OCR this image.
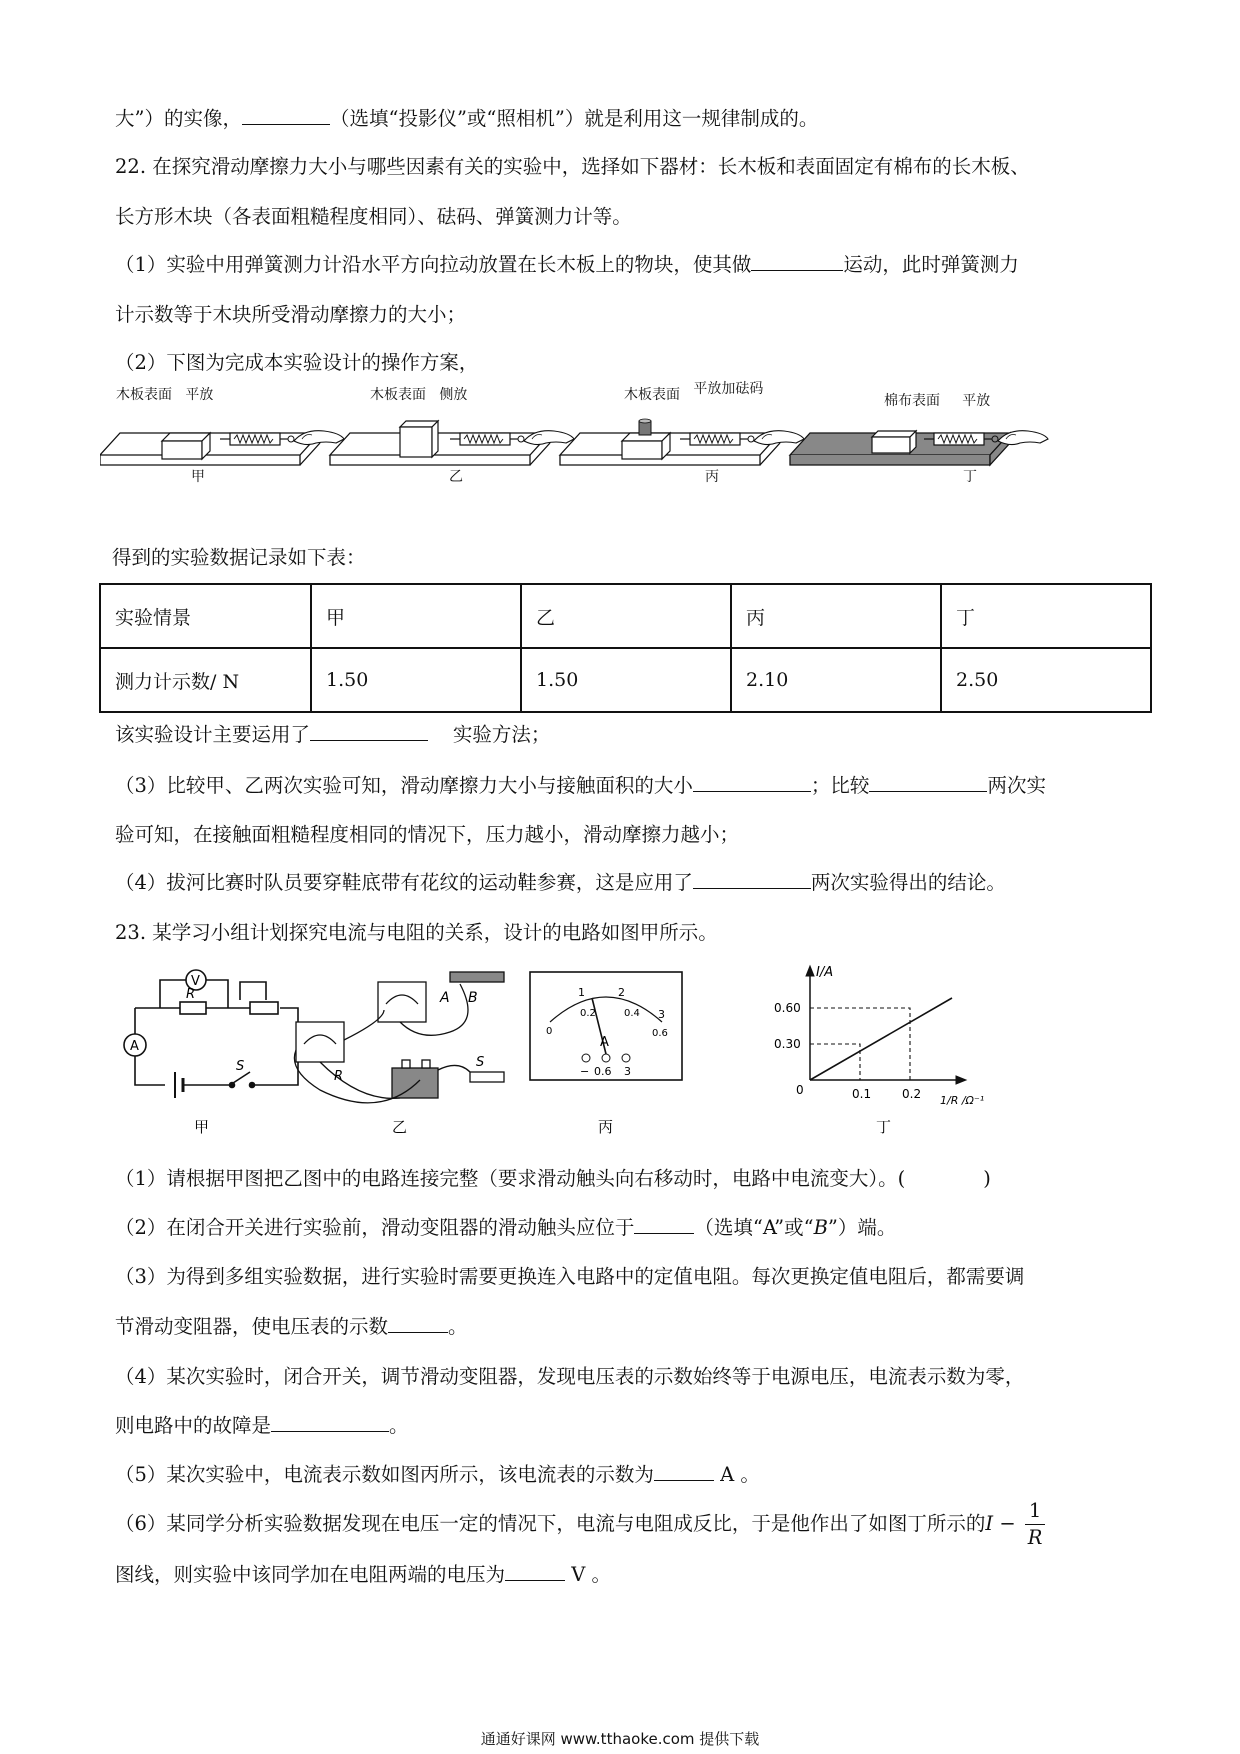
大”）的实像，	（选填“投影仪”或“照相机”）就是利用这一规律制成的。
22. 在探究滑动摩擦力大小与哪些因素有关的实验中，选择如下器材：长木板和表面固定有棉布的长木板、
长方形木块（各表面粗糙程度相同）、砝码、弹簧测力计等。
（1）实验中用弹簧测力计沿水平方向拉动放置在长木板上的物块，使其做	运动，此时弹簧测力
计示数等于木块所受滑动摩擦力的大小；
（2）下图为完成本实验设计的操作方案，
木板表面 平放	木板表面 侧放	木板表面 平放加砝码
棉布表面 平放
甲	乙	丙	丁
得到的实验数据记录如下表：
实验情景	甲	乙	丙	丁
测力计示数/ N	1.50	1.50	2.10	2.50
该实验设计主要运用了	实验方法；
（3）比较甲、乙两次实验可知，滑动摩擦力大小与接触面积的大小	；比较	两次实
验可知，在接触面粗糙程度相同的情况下，压力越小，滑动摩擦力越小；
（4）拔河比赛时队员要穿鞋底带有花纹的运动鞋参赛，这是应用了	两次实验得出的结论。
23. 某学习小组计划探究电流与电阻的关系，设计的电路如图甲所示。
V
A
R
S
A B
R
S
1	2
3
0
0.2	0.4
0.6
A
− 0.6 3
I/A
0.60
0.30
0	0.1	0.2 1/R /Ω⁻¹
甲	乙	丙	丁
（1）请根据甲图把乙图中的电路连接完整（要求滑动触头向右移动时，电路中电流变大）。(　　　　)
（2）在闭合开关进行实验前，滑动变阻器的滑动触头应位于	（选填“A”或“B”）端。
（3）为得到多组实验数据，进行实验时需要更换连入电路中的定值电阻。每次更换定值电阻后，都需要调
节滑动变阻器，使电压表的示数	。
（4）某次实验时，闭合开关，调节滑动变阻器，发现电压表的示数始终等于电源电压，电流表示数为零，
则电路中的故障是	。
（5）某次实验中，电流表示数如图丙所示，该电流表的示数为	A 。
（6）某同学分析实验数据发现在电压一定的情况下，电流与电阻成反比，于是他作出了如图丁所示的$I - \frac{1}{R}$
图线，则实验中该同学加在电阻两端的电压为	V 。
通通好课网 www.tthaoke.com 提供下载
